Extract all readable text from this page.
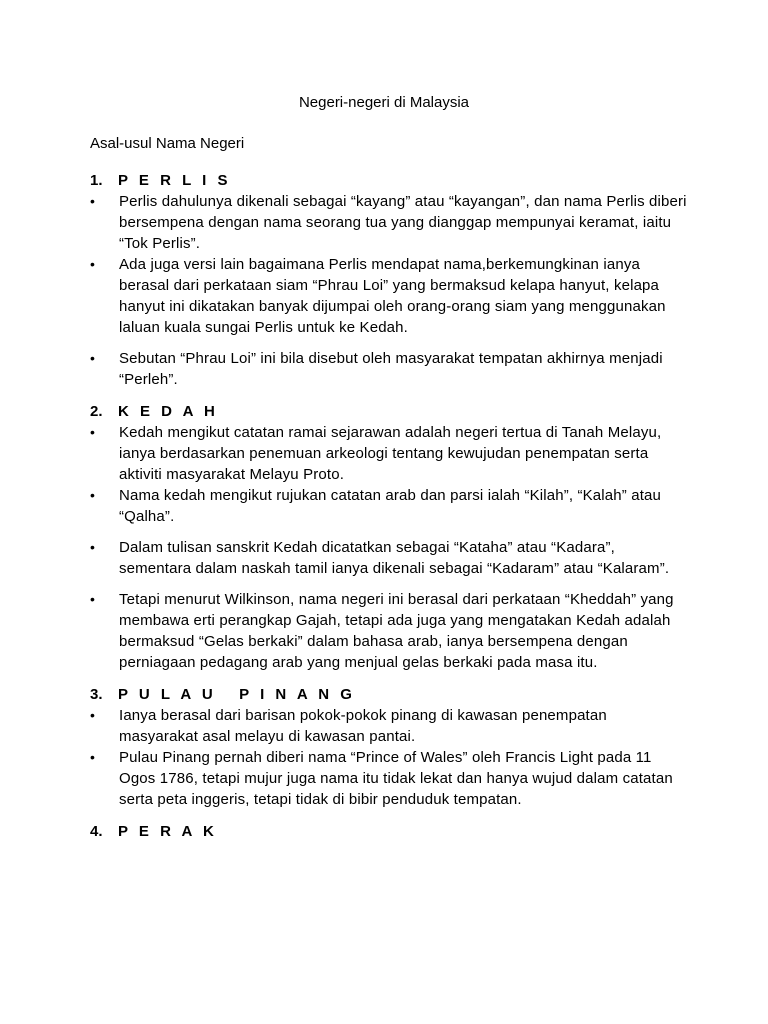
Negeri-negeri di Malaysia
Asal-usul Nama Negeri
1. P E R L I S
• Perlis dahulunya dikenali sebagai “kayang” atau “kayangan”, dan nama Perlis diberi bersempena dengan nama seorang tua yang dianggap mempunyai keramat, iaitu “Tok Perlis”.
• Ada juga versi lain bagaimana Perlis mendapat nama,berkemungkinan ianya berasal dari perkataan siam “Phrau Loi” yang bermaksud kelapa hanyut, kelapa hanyut ini dikatakan banyak dijumpai oleh orang-orang siam yang menggunakan laluan kuala sungai Perlis untuk ke Kedah.
• Sebutan “Phrau Loi” ini bila disebut oleh masyarakat tempatan akhirnya menjadi “Perleh”.
2. K E D A H
• Kedah mengikut catatan ramai sejarawan adalah negeri tertua di Tanah Melayu, ianya berdasarkan penemuan arkeologi tentang kewujudan penempatan serta aktiviti masyarakat Melayu Proto.
• Nama kedah mengikut rujukan catatan arab dan parsi ialah “Kilah”, “Kalah” atau “Qalha”.
• Dalam tulisan sanskrit Kedah dicatatkan sebagai “Kataha” atau “Kadara”, sementara dalam naskah tamil ianya dikenali sebagai “Kadaram” atau “Kalaram”.
• Tetapi menurut Wilkinson, nama negeri ini berasal dari perkataan “Kheddah” yang membawa erti perangkap Gajah, tetapi ada juga yang mengatakan Kedah adalah bermaksud “Gelas berkaki” dalam bahasa arab, ianya bersempena dengan perniagaan pedagang arab yang menjual gelas berkaki pada masa itu.
3. P U L A U   P I N A N G
• Ianya berasal dari barisan pokok-pokok pinang di kawasan penempatan masyarakat asal melayu di kawasan pantai.
• Pulau Pinang pernah diberi nama “Prince of Wales” oleh Francis Light pada 11 Ogos 1786, tetapi mujur juga nama itu tidak lekat dan hanya wujud dalam catatan serta peta inggeris, tetapi tidak di bibir penduduk tempatan.
4. P E R A K
